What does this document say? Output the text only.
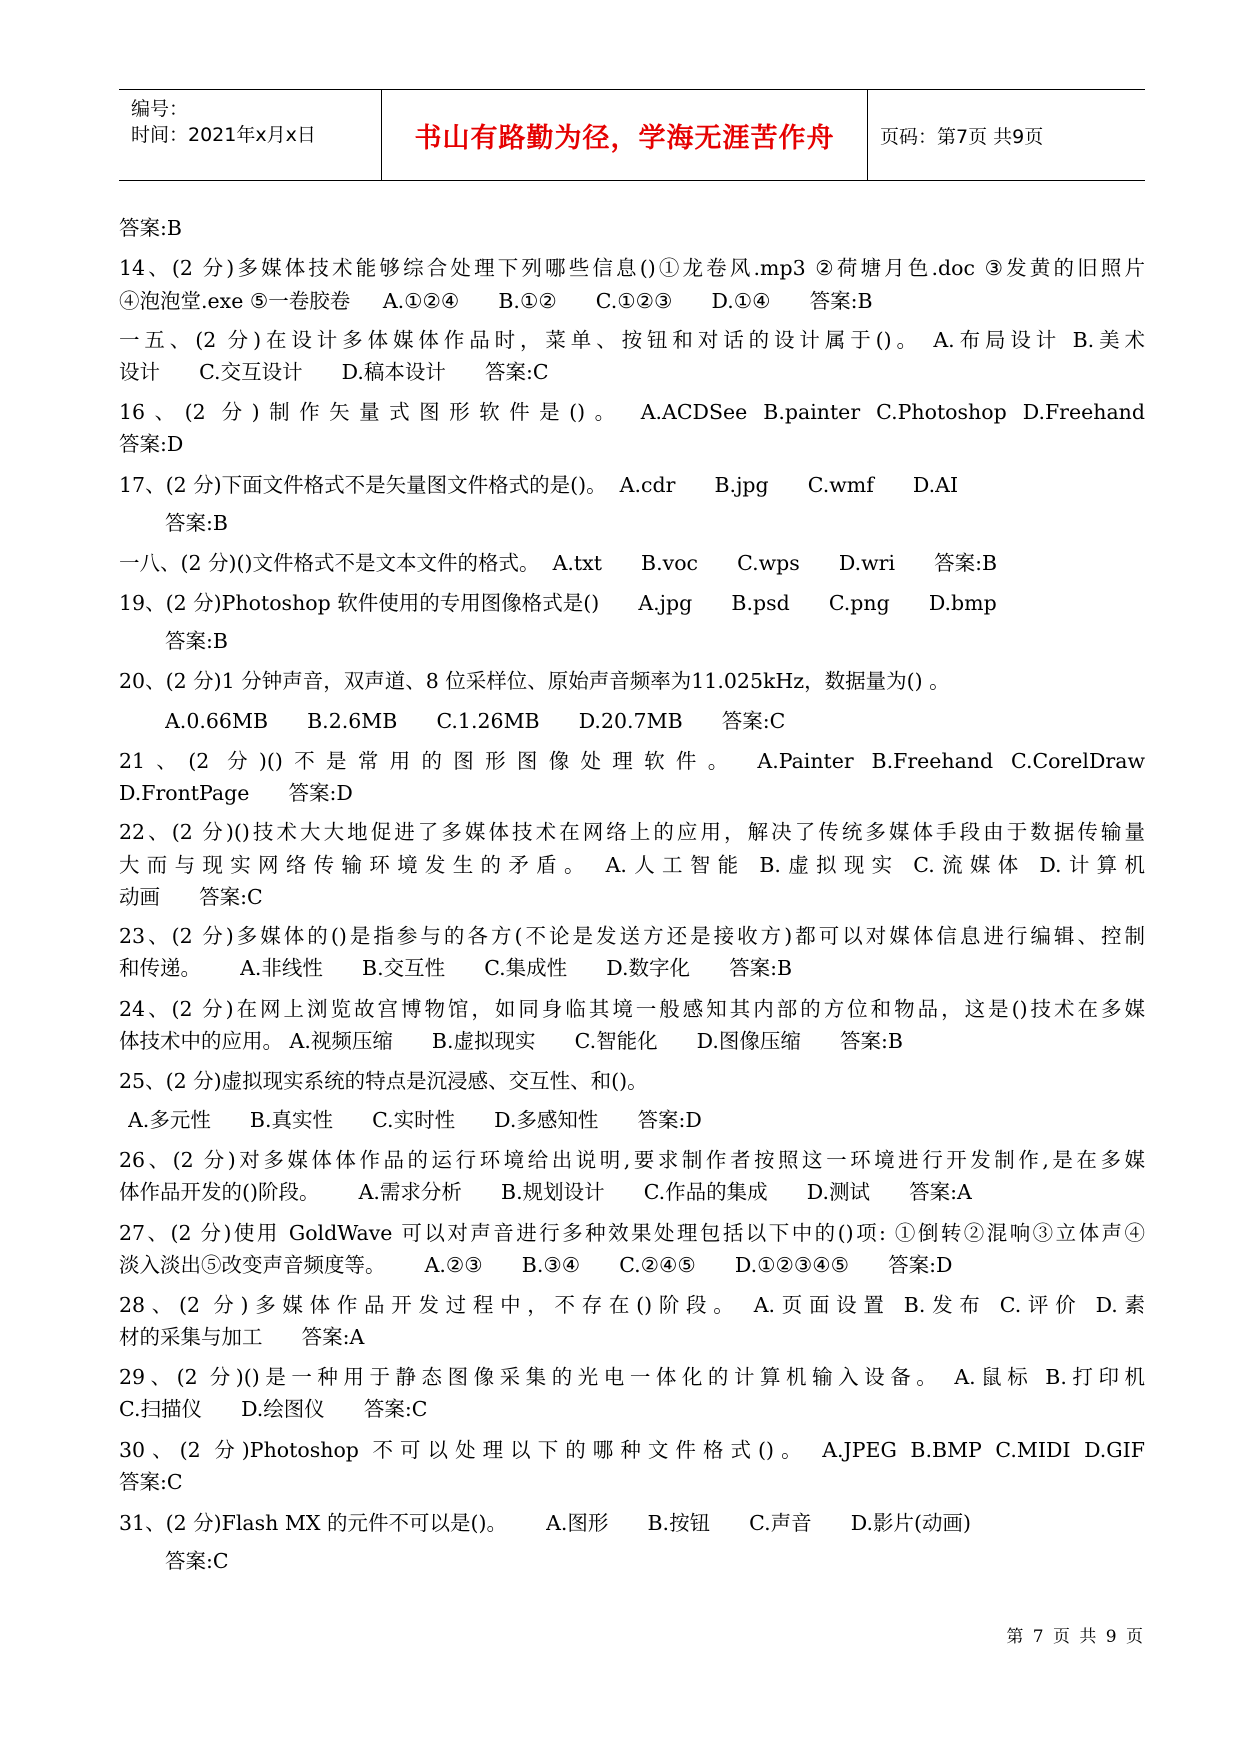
编号：
时间：2021年x月x日	书山有路勤为径，学海无涯苦作舟 页码：第7页 共9页
答案:B
14、(2 分)多媒体技术能够综合处理下列哪些信息()①龙卷风.mp3 ②荷塘月色.doc ③发黄的旧照片
④泡泡堂.exe ⑤一卷胶卷     A.①②④      B.①②      C.①②③      D.①④      答案:B
一五、(2 分)在设计多体媒体作品时，菜单、按钮和对话的设计属于()。 A.布局设计 B.美术
设计      C.交互设计      D.稿本设计      答案:C
16、(2 分)制作矢量式图形软件是()。 A.ACDSee B.painter C.Photoshop D.Freehand
答案:D
17、(2 分)下面文件格式不是矢量图文件格式的是()。  A.cdr      B.jpg      C.wmf      D.AI
答案:B
一八、(2 分)()文件格式不是文本文件的格式。  A.txt      B.voc      C.wps      D.wri      答案:B
19、(2 分)Photoshop 软件使用的专用图像格式是()      A.jpg      B.psd      C.png      D.bmp
答案:B
20、(2 分)1 分钟声音，双声道、8 位采样位、原始声音频率为11.025kHz，数据量为() 。
A.0.66MB      B.2.6MB      C.1.26MB      D.20.7MB      答案:C
21、(2 分)()不是常用的图形图像处理软件。 A.Painter B.Freehand C.CorelDraw
D.FrontPage      答案:D
22、(2 分)()技术大大地促进了多媒体技术在网络上的应用，解决了传统多媒体手段由于数据传输量
大而与现实网络传输环境发生的矛盾。 A.人工智能 B.虚拟现实 C.流媒体 D.计算机
动画      答案:C
23、(2 分)多媒体的()是指参与的各方(不论是发送方还是接收方)都可以对媒体信息进行编辑、控制
和传递。      A.非线性      B.交互性      C.集成性      D.数字化      答案:B
24、(2 分)在网上浏览故宫博物馆，如同身临其境一般感知其内部的方位和物品，这是()技术在多媒
体技术中的应用。 A.视频压缩      B.虚拟现实      C.智能化      D.图像压缩      答案:B
25、(2 分)虚拟现实系统的特点是沉浸感、交互性、和()。
A.多元性      B.真实性      C.实时性      D.多感知性      答案:D
26、(2 分)对多媒体体作品的运行环境给出说明,要求制作者按照这一环境进行开发制作,是在多媒
体作品开发的()阶段。      A.需求分析      B.规划设计      C.作品的集成      D.测试      答案:A
27、(2 分)使用 GoldWave 可以对声音进行多种效果处理包括以下中的()项: ①倒转②混响③立体声④
淡入淡出⑤改变声音频度等。      A.②③      B.③④      C.②④⑤      D.①②③④⑤      答案:D
28、(2 分)多媒体作品开发过程中，不存在()阶段。 A.页面设置 B.发布 C.评价 D.素
材的采集与加工      答案:A
29、(2 分)()是一种用于静态图像采集的光电一体化的计算机输入设备。 A.鼠标 B.打印机
C.扫描仪      D.绘图仪      答案:C
30、(2 分)Photoshop 不可以处理以下的哪种文件格式()。 A.JPEG B.BMP C.MIDI D.GIF
答案:C
31、(2 分)Flash MX 的元件不可以是()。      A.图形      B.按钮      C.声音      D.影片(动画)
答案:C
第 7 页 共 9 页
